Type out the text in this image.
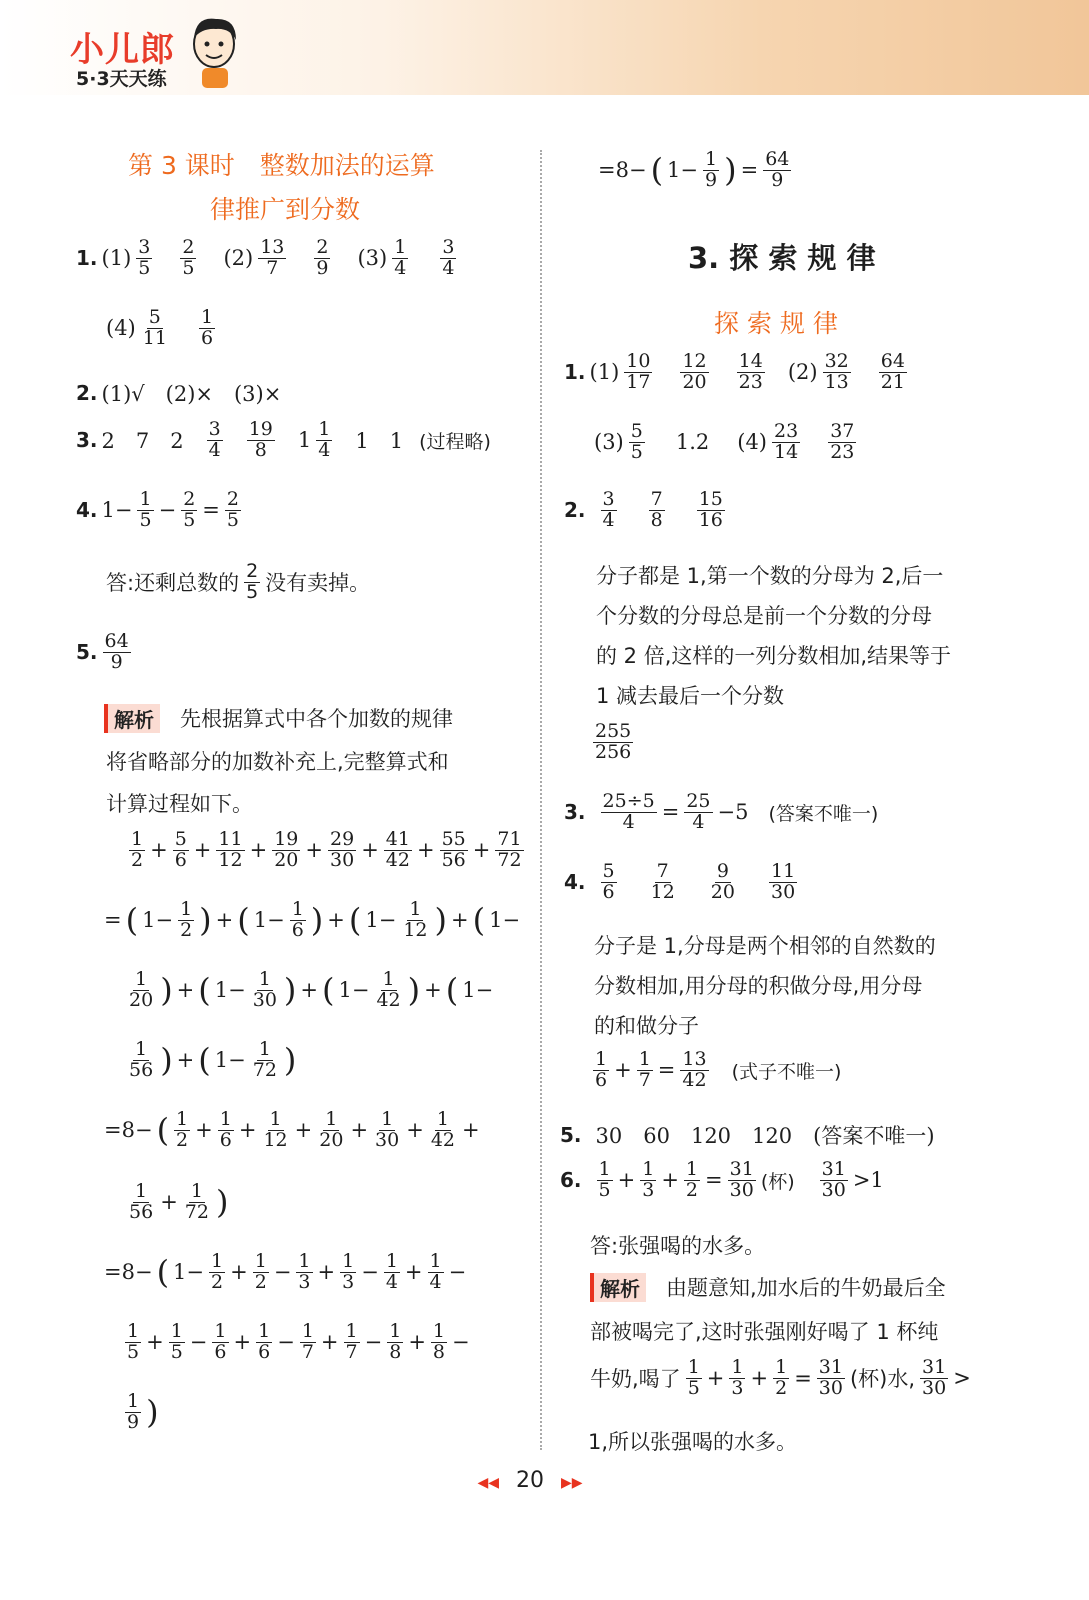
小儿郎
5·3天天练
第 3 课时　整数加法的运算
律推广到分数
1. (1) 3
5
2
5 (2) 13
7
2
9 (3) 1
4
3
4
(4) 5
11
1
6
2. (1)√　(2)×　(3)×
3. 2　7　2
3
4
19
8 1 1
4 1　1 (过程略)
4. $1- \frac{1}{5} - \frac{2}{5} = \frac{2}{5}$
答:还剩总数的
2
5 没有卖掉。
5. 64
9
解析 先根据算式中各个加数的规律
将省略部分的加数补充上,完整算式和
计算过程如下。
1
$2 + \frac{5}{6} + \frac{11}{12} + \frac{19}{20} + \frac{29}{30} + \frac{41}{42} + \frac{55}{56} + \frac{71}{72}$
= ( $1- \frac{1}{2}$ ) + ( $1- \frac{1}{6}$ ) + ( $1- \frac{1}{12}$ ) + ( 1−
1
20 ) + ( $1- \frac{1}{30}$ ) + ( $1- \frac{1}{42}$ ) + ( 1−
1
56 ) + ( $1- \frac{1}{72}$ )
=8− ( 1
$2 + \frac{1}{6} + \frac{1}{12} + \frac{1}{20} + \frac{1}{30} + \frac{1}{42}$ +
1
$56 + \frac{1}{72}$ )
=8− ( $1- \frac{1}{2} + \frac{1}{2} - \frac{1}{3} + \frac{1}{3} - \frac{1}{4} + \frac{1}{4}$ −
1
$5 + \frac{1}{5} - \frac{1}{6} + \frac{1}{6} - \frac{1}{7} + \frac{1}{7} - \frac{1}{8} + \frac{1}{8}$ −
1
9 )
=8− ( $1- \frac{1}{9}$ ) = $\frac{64}{9}$
3. 探 索 规 律
探 索 规 律
1. (1) 10
17
12
20
14
23 (2) 32
13
64
21
(3) 5
5 1.2 (4) 23
14
37
23
2. 3
4
7
8
15
16
分子都是 1,第一个数的分母为 2,后一
个分数的分母总是前一个分数的分母
的 2 倍,这样的一列分数相加,结果等于
1 减去最后一个分数
255
256
3. $\frac{25\div 5}{4} = \frac{25}{4} -5$ (答案不唯一)
4. 5
6
7
12
9
20
11
30
分子是 1,分母是两个相邻的自然数的
分数相加,用分母的积做分母,用分母
的和做分子
1
$6 + \frac{1}{7} = \frac{13}{42}$ (式子不唯一)
5. 30　60　120　120　(答案不唯一)
6. 1
$5 + \frac{1}{3} + \frac{1}{2} = \frac{31}{30}$ (杯)
31
30 >1
答:张强喝的水多。
解析 由题意知,加水后的牛奶最后全
部被喝完了,这时张强刚好喝了 1 杯纯
牛奶,喝了
1
$5 + \frac{1}{3} + \frac{1}{2} = \frac{31}{30}$ (杯)水,
31
30 >
1,所以张强喝的水多。
◀◀ 20 ▶▶
